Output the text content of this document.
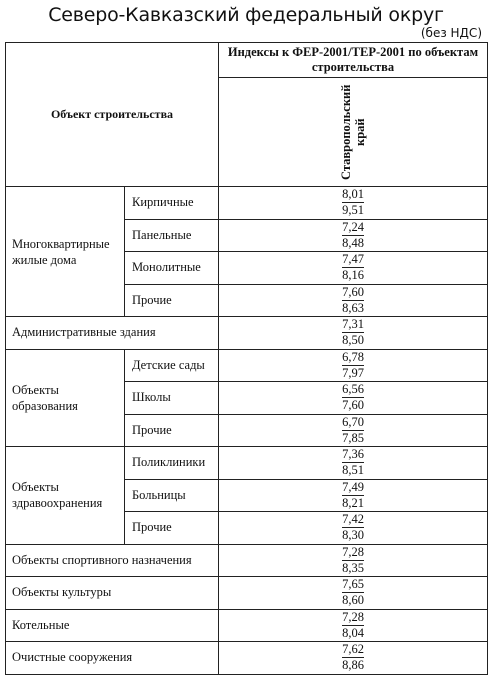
Северо-Кавказский федеральный округ
(без НДС)
Объект строительства		Индексы к ФЕР-2001/ТЕР-2001 по объектам строительства

		Ставропольский край

Многоквартирные жилые дома	Кирпичные	8,01
9,51
	Панельные	7,24
8,48
	Монолитные	7,47
8,16
	Прочие	7,60
8,63
Административные здания		7,31
8,50
Объекты образования	Детские сады	6,78
7,97
	Школы	6,56
7,60
	Прочие	6,70
7,85
Объекты здравоохранения	Поликлиники	7,36
8,51
	Больницы	7,49
8,21
	Прочие	7,42
8,30
Объекты спортивного назначения		7,28
8,35
Объекты культуры		7,65
8,60
Котельные		7,28
8,04
Очистные сооружения		7,62
8,86
